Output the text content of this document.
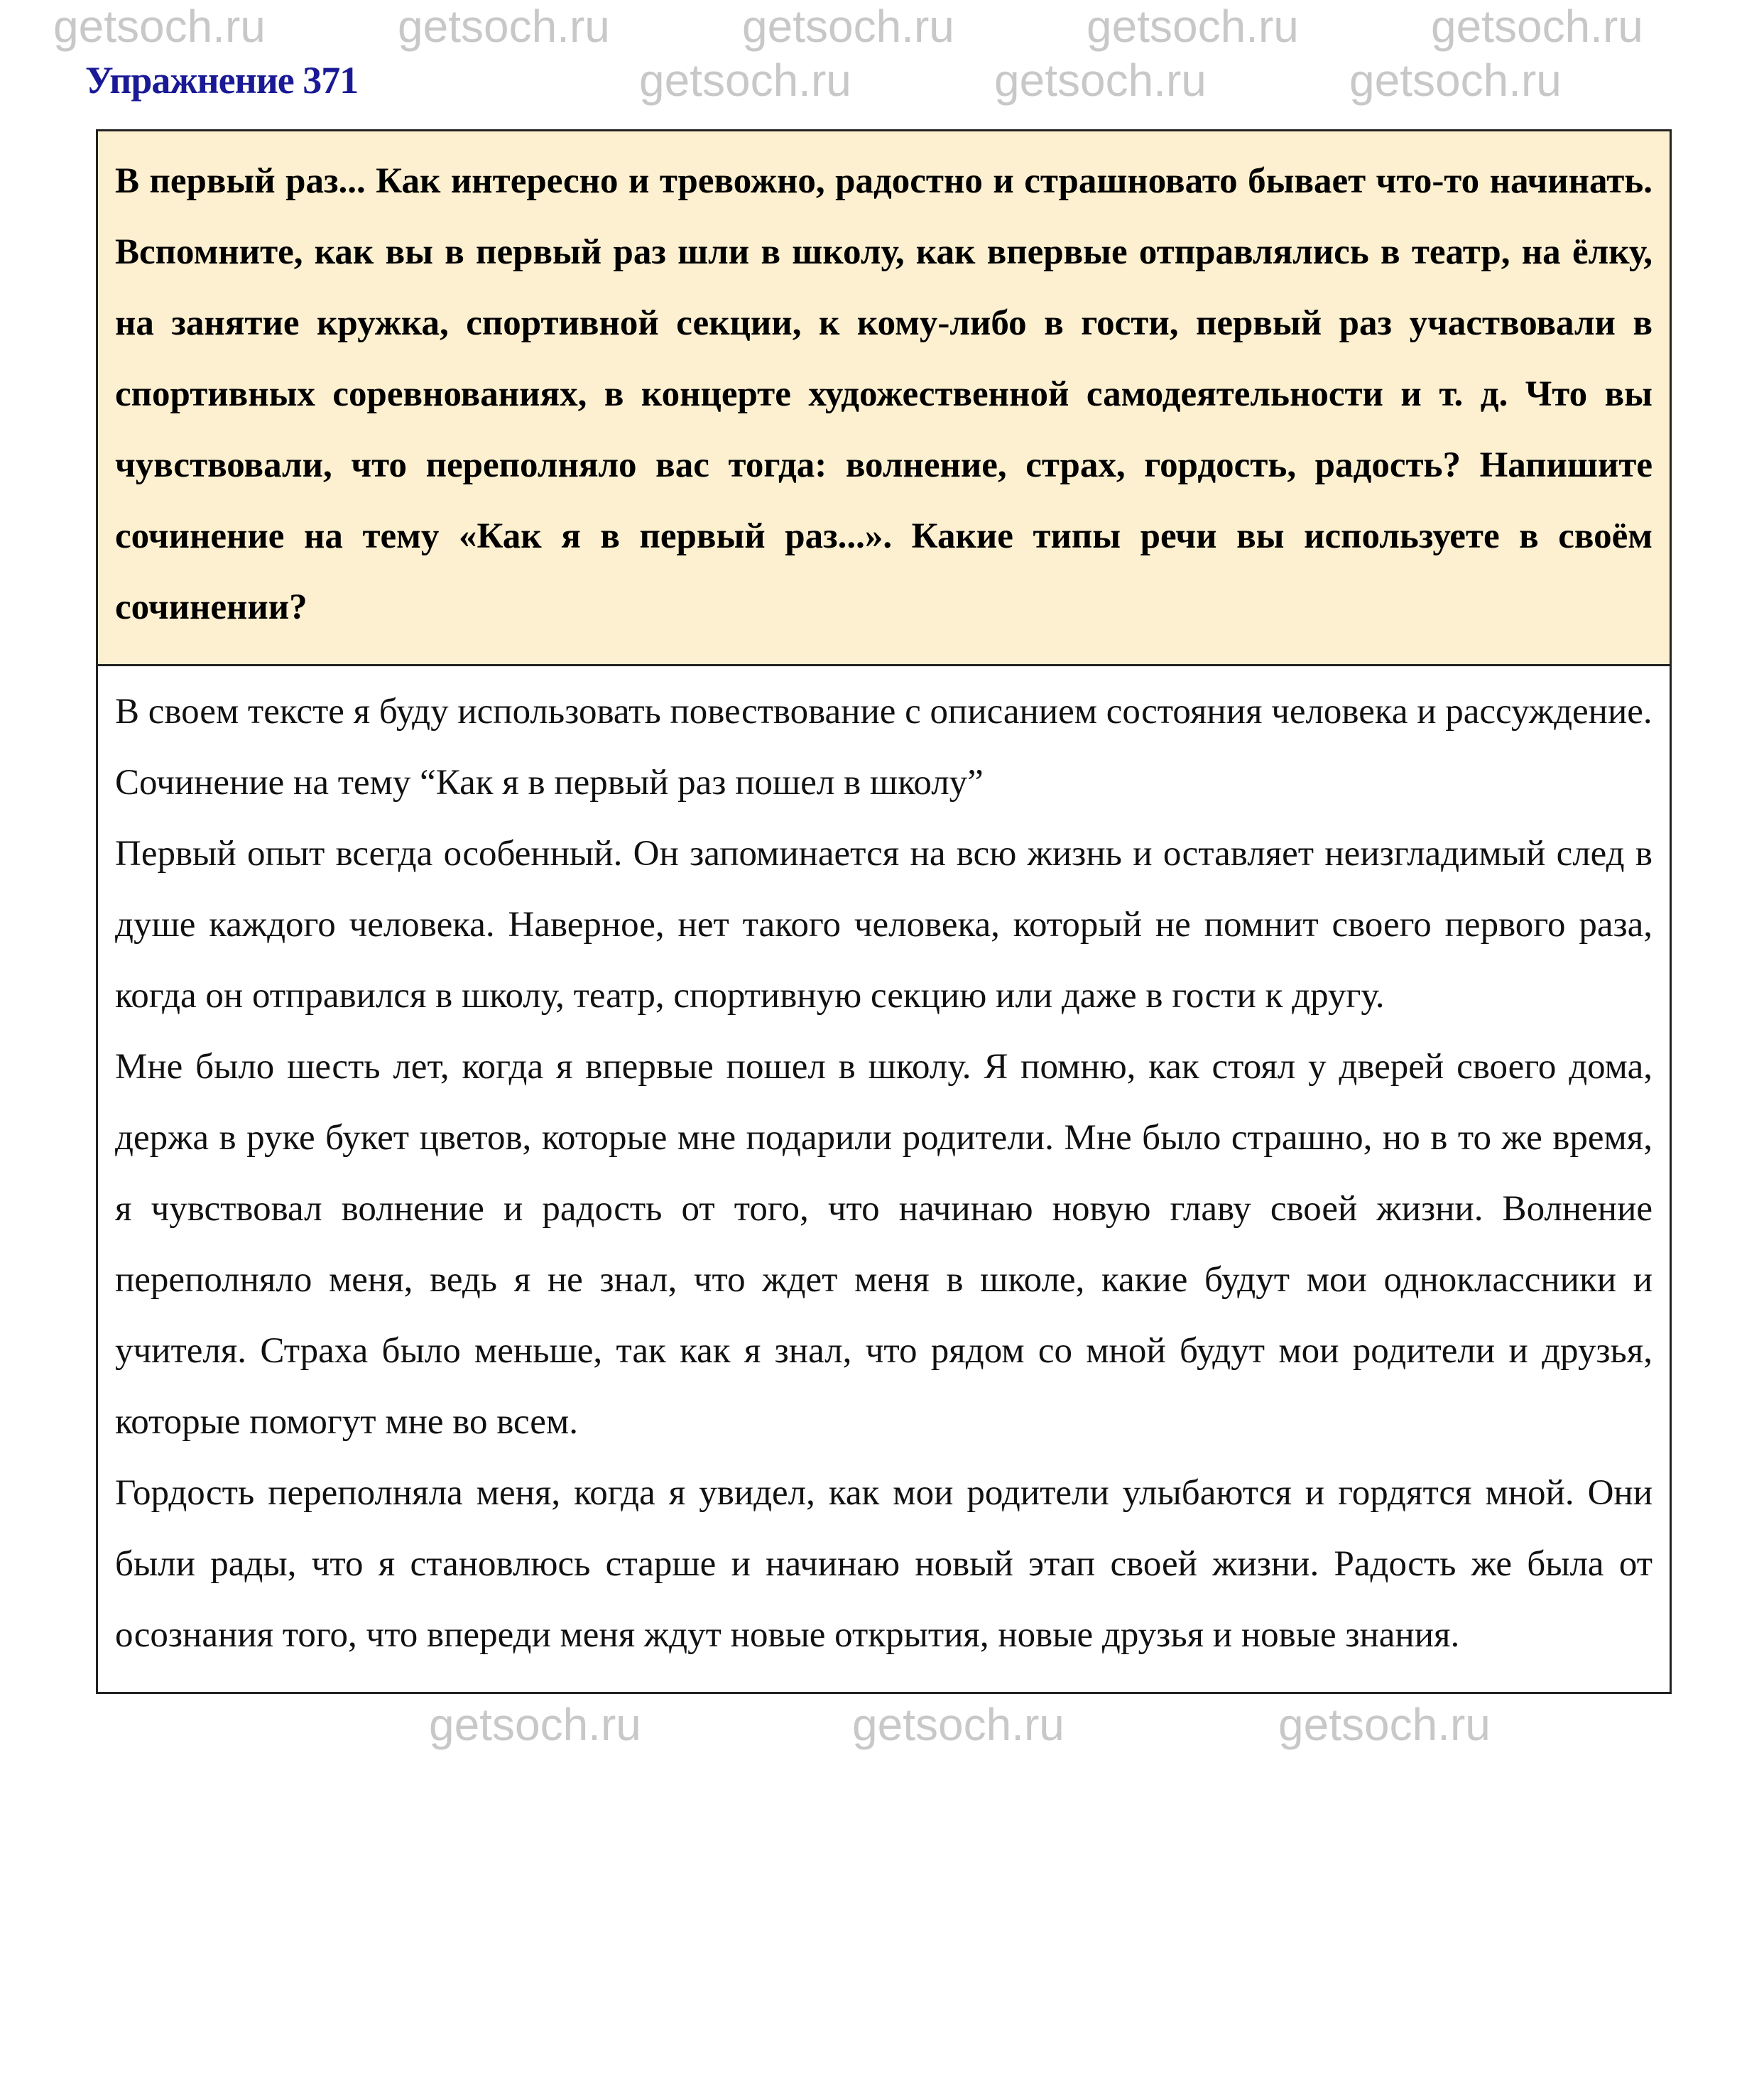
getsoch.ru	getsoch.ru	getsoch.ru	getsoch.ru	getsoch.ru
Упражнение 371	getsoch.ru	getsoch.ru	getsoch.ru

В первый раз... Как интересно и тревожно, радостно и страшновато бывает что-то начинать. Вспомните, как вы в первый раз шли в школу, как впервые отправлялись в театр, на ёлку, на занятие кружка, спортивной секции, к кому-либо в гости, первый раз участвовали в спортивных соревнованиях, в концерте художественной самодеятельности и т. д. Что вы чувствовали, что переполняло вас тогда: волнение, страх, гордость, радость? Напишите сочинение на тему «Как я в первый раз...». Какие типы речи вы используете в своём сочинении?

В своем тексте я буду использовать повествование с описанием состояния человека и рассуждение.

Сочинение на тему “Как я в первый раз пошел в школу”

Первый опыт всегда особенный. Он запоминается на всю жизнь и оставляет неизгладимый след в душе каждого человека. Наверное, нет такого человека, который не помнит своего первого раза, когда он отправился в школу, театр, спортивную секцию или даже в гости к другу.

Мне было шесть лет, когда я впервые пошел в школу. Я помню, как стоял у дверей своего дома, держа в руке букет цветов, которые мне подарили родители. Мне было страшно, но в то же время, я чувствовал волнение и радость от того, что начинаю новую главу своей жизни. Волнение переполняло меня, ведь я не знал, что ждет меня в школе, какие будут мои одноклассники и учителя. Страха было меньше, так как я знал, что рядом со мной будут мои родители и друзья, которые помогут мне во всем.

Гордость переполняла меня, когда я увидел, как мои родители улыбаются и гордятся мной. Они были рады, что я становлюсь старше и начинаю новый этап своей жизни. Радость же была от осознания того, что впереди меня ждут новые открытия, новые друзья и новые знания.

getsoch.ru	getsoch.ru	getsoch.ru
